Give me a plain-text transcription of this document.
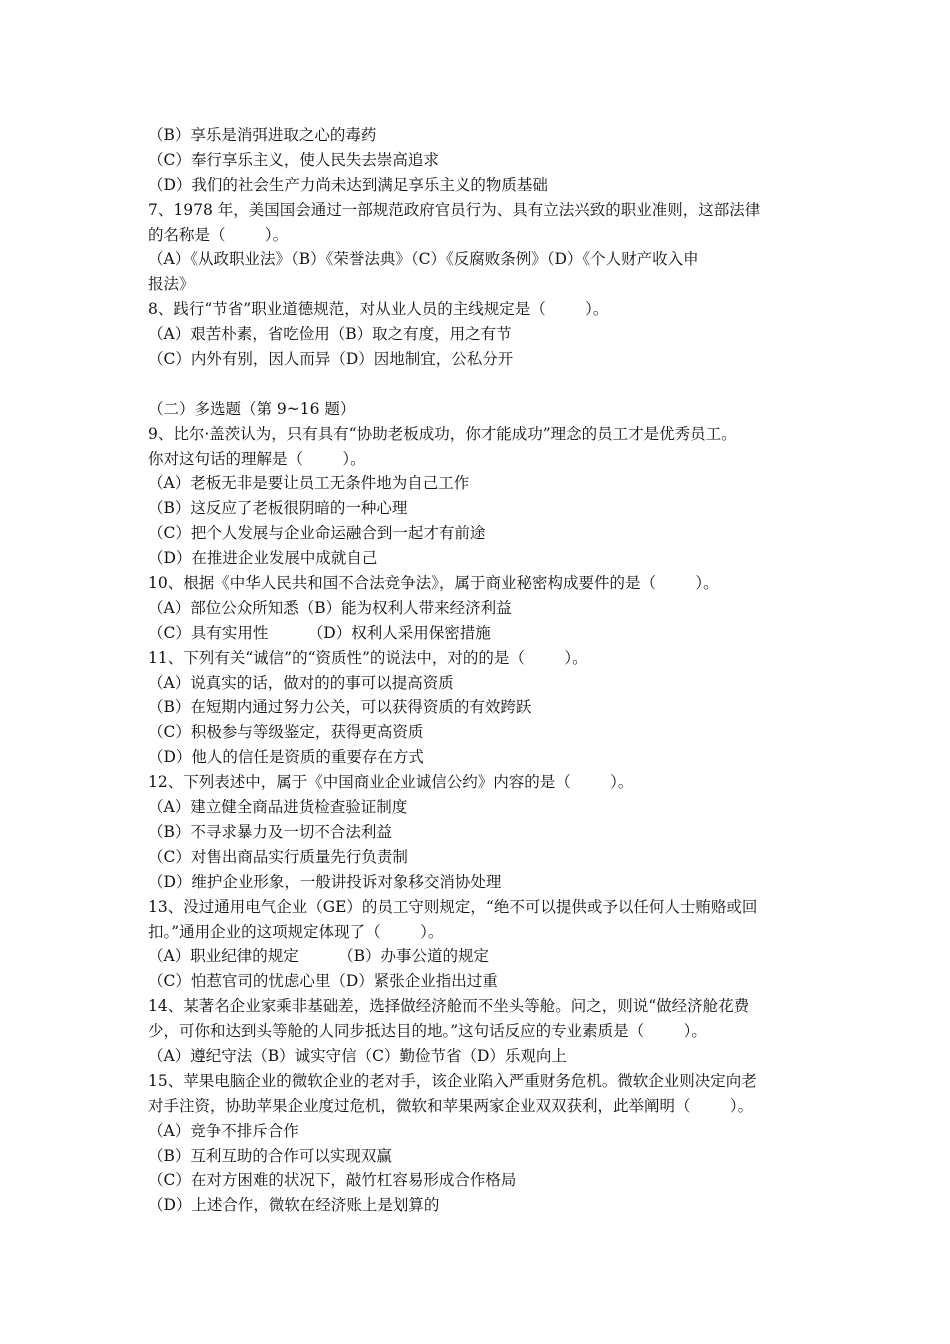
（B）享乐是消弭进取之心的毒药
（C）奉行享乐主义，使人民失去崇高追求
（D）我们的社会生产力尚未达到满足享乐主义的物质基础
7、1978 年，美国国会通过一部规范政府官员行为、具有立法兴致的职业准则，这部法律
的名称是（        ）。
（A）《从政职业法》（B）《荣誉法典》（C）《反腐败条例》（D）《个人财产收入申
报法》
8、践行“节省”职业道德规范，对从业人员的主线规定是（        ）。
（A）艰苦朴素，省吃俭用（B）取之有度，用之有节
（C）内外有别，因人而异（D）因地制宜，公私分开
（二）多选题（第 9~16 题）
9、比尔·盖茨认为，只有具有“协助老板成功，你才能成功”理念的员工才是优秀员工。
你对这句话的理解是（        ）。
（A）老板无非是要让员工无条件地为自己工作
（B）这反应了老板很阴暗的一种心理
（C）把个人发展与企业命运融合到一起才有前途
（D）在推进企业发展中成就自己
10、根据《中华人民共和国不合法竞争法》，属于商业秘密构成要件的是（        ）。
（A）部位公众所知悉（B）能为权利人带来经济利益
（C）具有实用性        （D）权利人采用保密措施
11、下列有关“诚信”的“资质性”的说法中，对的的是（        ）。
（A）说真实的话，做对的的事可以提高资质
（B）在短期内通过努力公关，可以获得资质的有效跨跃
（C）积极参与等级鉴定，获得更高资质
（D）他人的信任是资质的重要存在方式
12、下列表述中，属于《中国商业企业诚信公约》内容的是（        ）。
（A）建立健全商品进货检查验证制度
（B）不寻求暴力及一切不合法利益
（C）对售出商品实行质量先行负责制
（D）维护企业形象，一般讲投诉对象移交消协处理
13、没过通用电气企业（GE）的员工守则规定，“绝不可以提供或予以任何人士贿赂或回
扣。”通用企业的这项规定体现了（        ）。
（A）职业纪律的规定        （B）办事公道的规定
（C）怕惹官司的忧虑心里（D）紧张企业指出过重
14、某著名企业家乘非基础差，选择做经济舱而不坐头等舱。问之，则说“做经济舱花费
少，可你和达到头等舱的人同步抵达目的地。”这句话反应的专业素质是（        ）。
（A）遵纪守法（B）诚实守信（C）勤俭节省（D）乐观向上
15、苹果电脑企业的微软企业的老对手，该企业陷入严重财务危机。微软企业则决定向老
对手注资，协助苹果企业度过危机，微软和苹果两家企业双双获利，此举阐明（        ）。
（A）竞争不排斥合作
（B）互利互助的合作可以实现双赢
（C）在对方困难的状况下，敲竹杠容易形成合作格局
（D）上述合作，微软在经济账上是划算的
